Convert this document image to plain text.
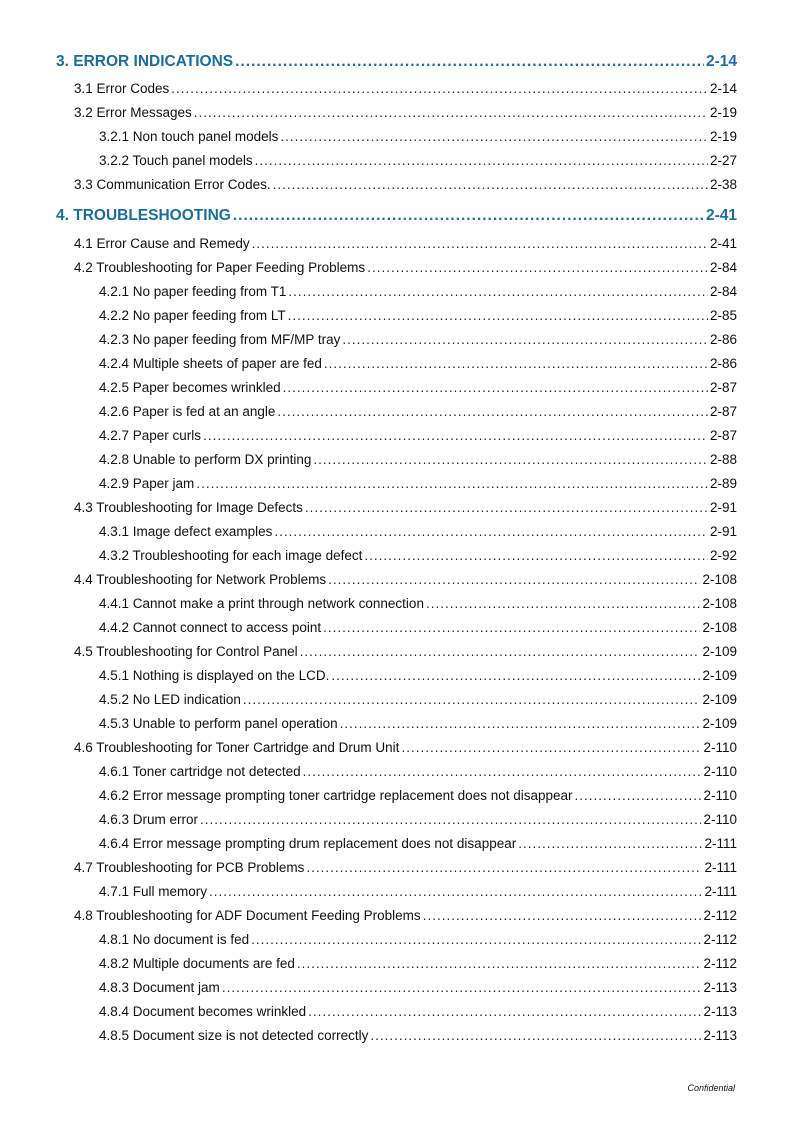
3. ERROR INDICATIONS .....	2-14
3.1 Error Codes .....	2-14
3.2 Error Messages .....	2-19
3.2.1 Non touch panel models .....	2-19
3.2.2 Touch panel models .....	2-27
3.3 Communication Error Codes. .....	2-38
4. TROUBLESHOOTING .....	2-41
4.1 Error Cause and Remedy .....	2-41
4.2 Troubleshooting for Paper Feeding Problems .....	2-84
4.2.1 No paper feeding from T1 .....	2-84
4.2.2 No paper feeding from LT .....	2-85
4.2.3 No paper feeding from MF/MP tray .....	2-86
4.2.4 Multiple sheets of paper are fed .....	2-86
4.2.5 Paper becomes wrinkled .....	2-87
4.2.6 Paper is fed at an angle .....	2-87
4.2.7 Paper curls .....	2-87
4.2.8 Unable to perform DX printing .....	2-88
4.2.9 Paper jam .....	2-89
4.3 Troubleshooting for Image Defects .....	2-91
4.3.1 Image defect examples .....	2-91
4.3.2 Troubleshooting for each image defect .....	2-92
4.4 Troubleshooting for Network Problems .....	2-108
4.4.1 Cannot make a print through network connection .....	2-108
4.4.2 Cannot connect to access point .....	2-108
4.5 Troubleshooting for Control Panel .....	2-109
4.5.1 Nothing is displayed on the LCD. .....	2-109
4.5.2 No LED indication .....	2-109
4.5.3 Unable to perform panel operation .....	2-109
4.6 Troubleshooting for Toner Cartridge and Drum Unit .....	2-110
4.6.1 Toner cartridge not detected .....	2-110
4.6.2 Error message prompting toner cartridge replacement does not disappear .....	2-110
4.6.3 Drum error .....	2-110
4.6.4 Error message prompting drum replacement does not disappear .....	2-111
4.7 Troubleshooting for PCB Problems .....	2-111
4.7.1 Full memory .....	2-111
4.8 Troubleshooting for ADF Document Feeding Problems .....	2-112
4.8.1 No document is fed .....	2-112
4.8.2 Multiple documents are fed .....	2-112
4.8.3 Document jam .....	2-113
4.8.4 Document becomes wrinkled .....	2-113
4.8.5 Document size is not detected correctly .....	2-113
Confidential
